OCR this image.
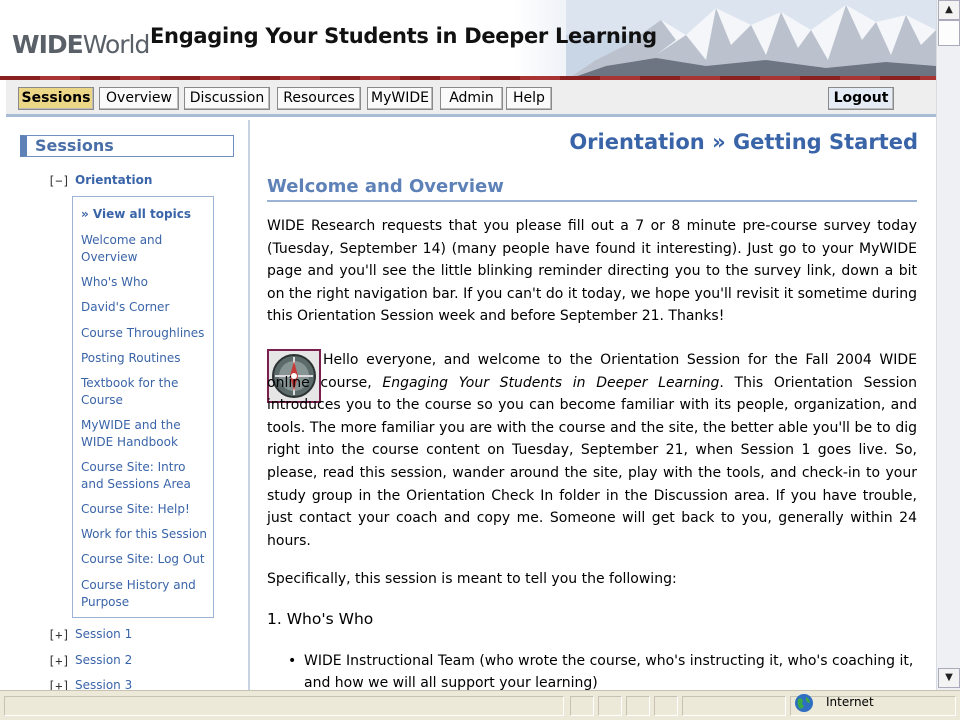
WIDEWorld Engaging Your Students in Deeper Learning
Sessions	Overview	Discussion	Resources	MyWIDE	Admin	Help	Logout
Sessions
[−] Orientation
» View all topics
Welcome and Overview
Who's Who
David's Corner
Course Throughlines
Posting Routines
Textbook for the Course
MyWIDE and the WIDE Handbook
Course Site: Intro and Sessions Area
Course Site: Help!
Work for this Session
Course Site: Log Out
Course History and Purpose
[+] Session 1
[+] Session 2
[+] Session 3
Orientation » Getting Started
Welcome and Overview
WIDE Research requests that you please fill out a 7 or 8 minute pre-course survey today (Tuesday, September 14) (many people have found it interesting). Just go to your MyWIDE page and you'll see the little blinking reminder directing you to the survey link, down a bit on the right navigation bar. If you can't do it today, we hope you'll revisit it sometime during this Orientation Session week and before September 21. Thanks!
Hello everyone, and welcome to the Orientation Session for the Fall 2004 WIDE online course, Engaging Your Students in Deeper Learning. This Orientation Session introduces you to the course so you can become familiar with its people, organization, and tools. The more familiar you are with the course and the site, the better able you'll be to dig right into the course content on Tuesday, September 21, when Session 1 goes live. So, please, read this session, wander around the site, play with the tools, and check-in to your study group in the Orientation Check In folder in the Discussion area. If you have trouble, just contact your coach and copy me. Someone will get back to you, generally within 24 hours.
Specifically, this session is meant to tell you the following:
1. Who's Who
• WIDE Instructional Team (who wrote the course, who's instructing it, who's coaching it, and how we will all support your learning)
▲
▼
Internet
